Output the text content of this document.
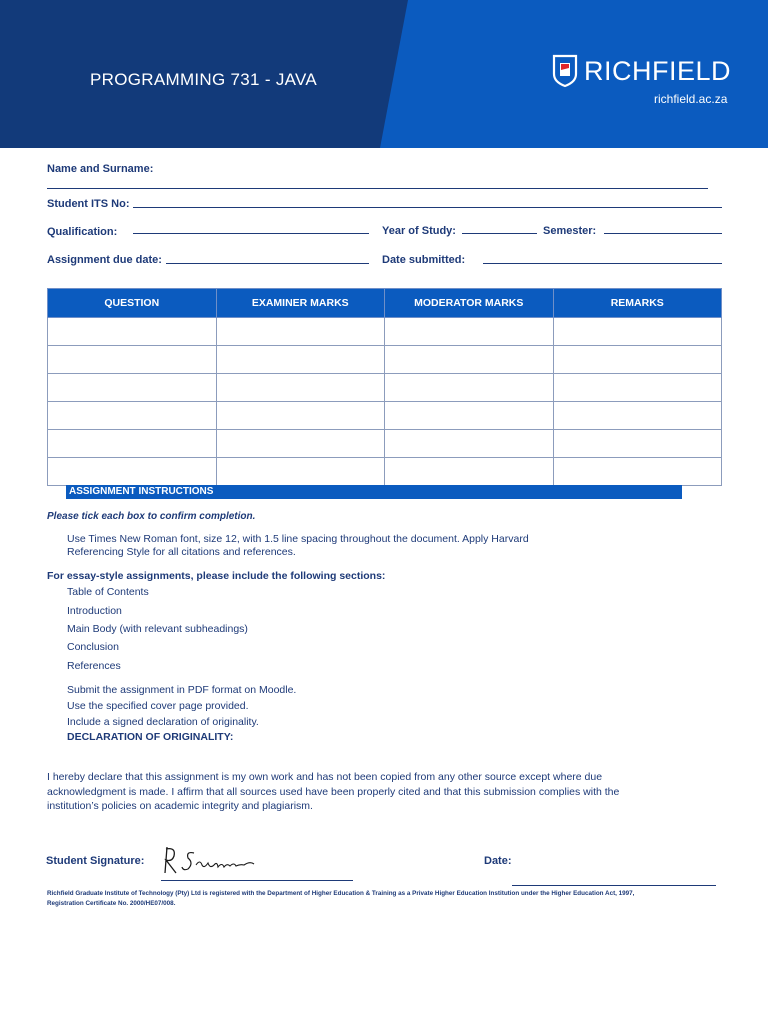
PROGRAMMING 731 - JAVA	RICHFIELD
richfield.ac.za
Name and Surname:
Student ITS No:
Qualification:	Year of Study:	Semester:
Assignment due date:	Date submitted:
QUESTION	EXAMINER MARKS	MODERATOR MARKS	REMARKS

ASSIGNMENT INSTRUCTIONS
Please tick each box to confirm completion.
Use Times New Roman font, size 12, with 1.5 line spacing throughout the document. Apply Harvard
Referencing Style for all citations and references.
For essay-style assignments, please include the following sections:
Table of Contents
Introduction
Main Body (with relevant subheadings)
Conclusion
References
Submit the assignment in PDF format on Moodle.
Use the specified cover page provided.
Include a signed declaration of originality.
DECLARATION OF ORIGINALITY:
I hereby declare that this assignment is my own work and has not been copied from any other source except where due
acknowledgment is made. I affirm that all sources used have been properly cited and that this submission complies with the
institution’s policies on academic integrity and plagiarism.
Student Signature:	Date:
Richfield Graduate Institute of Technology (Pty) Ltd is registered with the Department of Higher Education & Training as a Private Higher Education Institution under the Higher Education Act, 1997,
Registration Certificate No. 2000/HE07/008.
